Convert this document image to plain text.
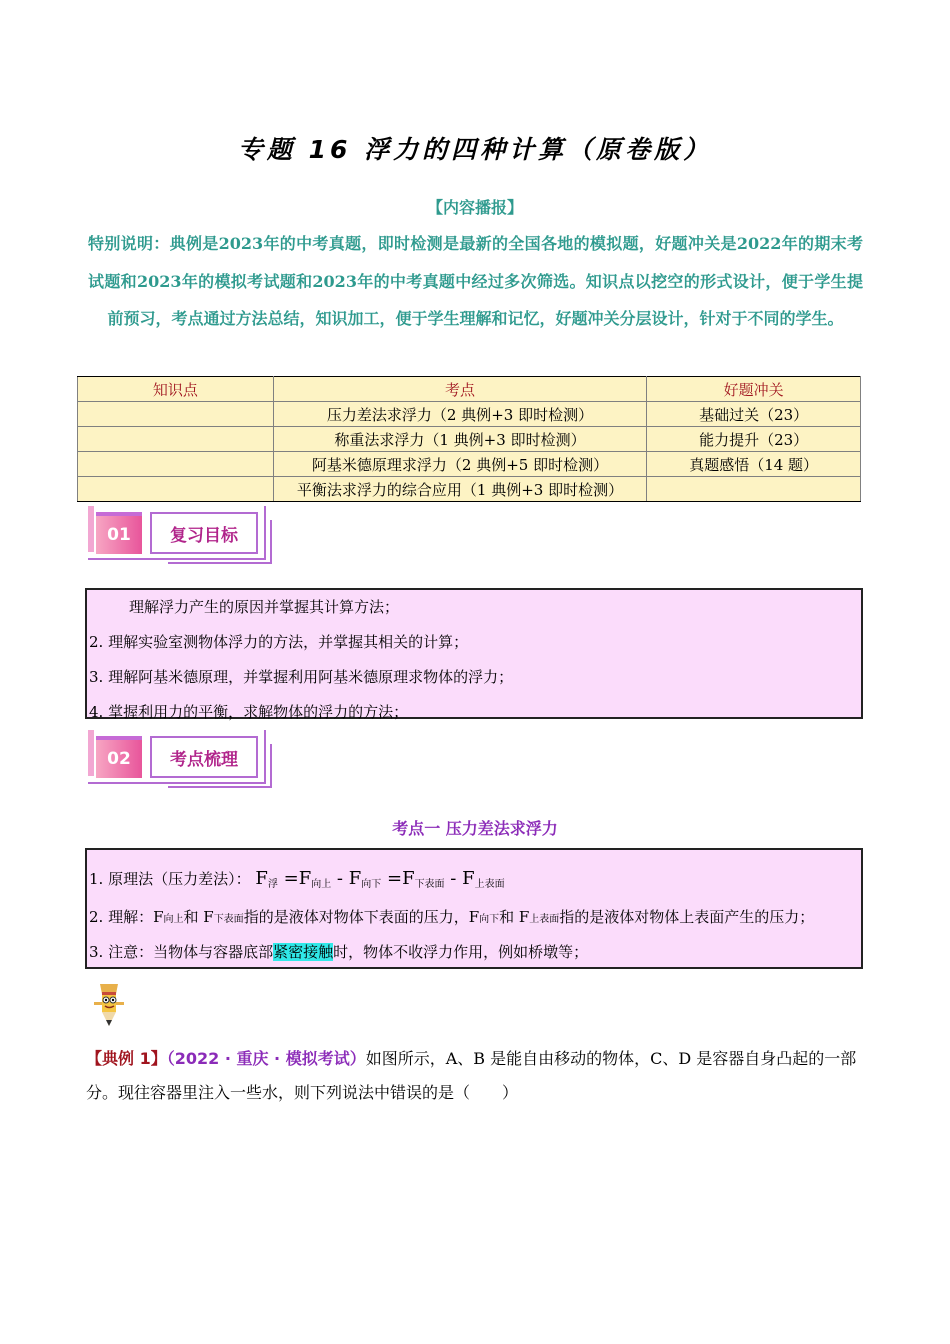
专题 16 浮力的四种计算（原卷版）
【内容播报】
特别说明：典例是2023年的中考真题，即时检测是最新的全国各地的模拟题，好题冲关是2022年的期末考试题和2023年的模拟考试题和2023年的中考真题中经过多次筛选。知识点以挖空的形式设计，便于学生提前预习，考点通过方法总结，知识加工，便于学生理解和记忆，好题冲关分层设计，针对于不同的学生。
知识点	考点	好题冲关
	压力差法求浮力（2 典例+3 即时检测）	基础过关（23）
	称重法求浮力（1 典例+3 即时检测）	能力提升（23）
	阿基米德原理求浮力（2 典例+5 即时检测）	真题感悟（14 题）
	平衡法求浮力的综合应用（1 典例+3 即时检测）	
01	复习目标
理解浮力产生的原因并掌握其计算方法；
2. 理解实验室测物体浮力的方法，并掌握其相关的计算；
3. 理解阿基米德原理，并掌握利用阿基米德原理求物体的浮力；
4. 掌握利用力的平衡，求解物体的浮力的方法；
02	考点梳理
考点一 压力差法求浮力
1. 原理法（压力差法）： F浮 =F向上 - F向下 =F下表面 - F上表面
2. 理解：F向上和 F下表面指的是液体对物体下表面的压力，F向下和 F上表面指的是液体对物体上表面产生的压力；
3. 注意：当物体与容器底部紧密接触时，物体不收浮力作用，例如桥墩等；
【典例 1】（2022 · 重庆 · 模拟考试）如图所示，A、B 是能自由移动的物体，C、D 是容器自身凸起的一部分。现往容器里注入一些水，则下列说法中错误的是（　　）
